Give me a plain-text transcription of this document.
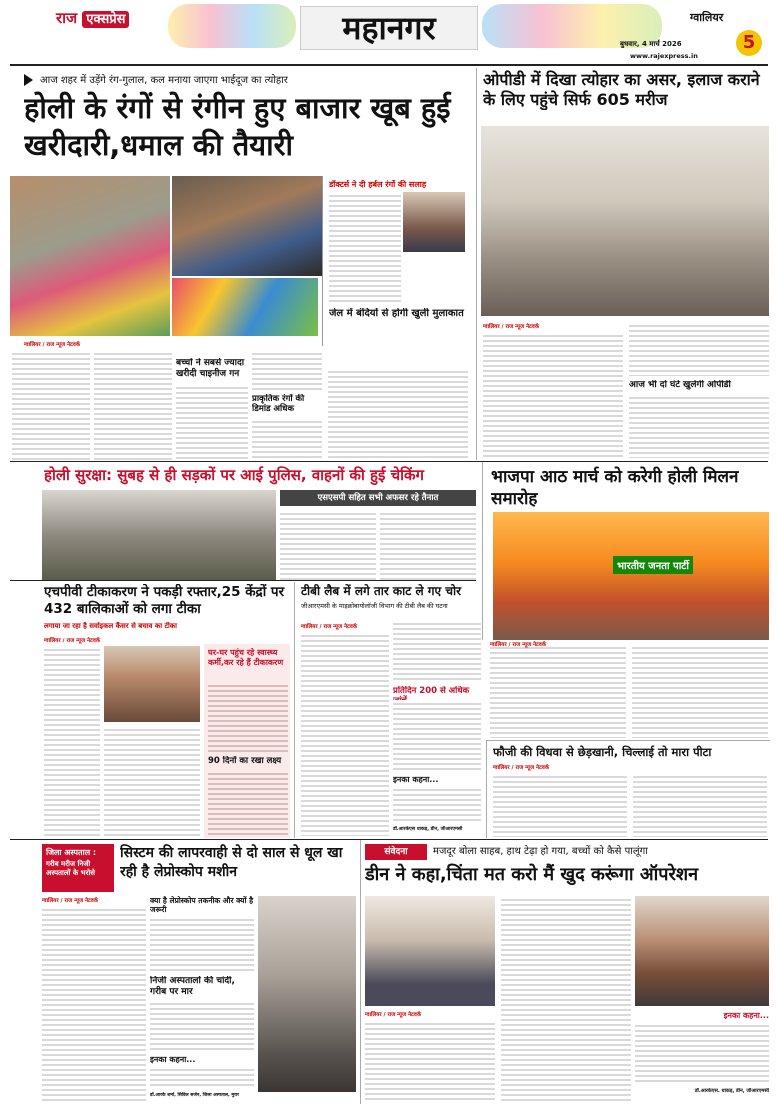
राज एक्सप्रेस	महानगर	ग्वालियर
बुधवार, 4 मार्च 2026	5
www.rajexpress.in
आज शहर में उड़ेंगे रंग-गुलाल, कल मनाया जाएगा भाईदूज का त्योहार
होली के रंगों से रंगीन हुए बाजार खूब हुई खरीदारी,धमाल की तैयारी
डॉक्टर्स ने दी हर्बल रंगों की सलाह
जेल में बंदियों से होगी खुली मुलाकात
ग्वालियर / राज न्यूज नेटवर्क
बच्चों ने सबसे ज्यादा खरीदी चाइनीज गन
प्राकृतिक रंगों की डिमांड अधिक
ओपीडी में दिखा त्योहार का असर, इलाज कराने के लिए पहुंचे सिर्फ 605 मरीज
ग्वालियर / राज न्यूज नेटवर्क
आज भी दो घंटे खुलेगी ओपीडी
होली सुरक्षा: सुबह से ही सड़कों पर आई पुलिस, वाहनों की हुई चेकिंग
एसएसपी सहित सभी अफसर रहे तैनात
भाजपा आठ मार्च को करेगी होली मिलन समारोह
भारतीय जनता पार्टी
एचपीवी टीकाकरण ने पकड़ी रफ्तार,25 केंद्रों पर 432 बालिकाओं को लगा टीका
लगाया जा रहा है सर्वाइकल कैंसर से बचाव का टीका
ग्वालियर / राज न्यूज नेटवर्क
घर-घर पहुंच रहे स्वास्थ्य कर्मी,कर रहे हैं टीकाकरण
90 दिनों का रखा लक्ष्य
टीबी लैब में लगे तार काट ले गए चोर
जीआरएमसी के माइक्रोबायोलॉजी विभाग की टीबी लैब की घटना
ग्वालियर / राज न्यूज नेटवर्क
प्रतिदिन 200 से अधिक
इनका कहना...
डॉ.आरकेएस धाकड़, डीन, जीआरएमसी
ग्वालियर / राज न्यूज नेटवर्क
फौजी की विधवा से छेड़खानी, चिल्लाई तो मारा पीटा
ग्वालियर / राज न्यूज नेटवर्क
जिला अस्पताल :
गरीब मरीज निजी अस्पतालों के भरोसे
सिस्टम की लापरवाही से दो साल से धूल खा रही है लेप्रोस्कोप मशीन
ग्वालियर / राज न्यूज नेटवर्क	क्या है लेप्रोस्कोप तकनीक और क्यों है जरूरी
निजी अस्पतालों की चांदी, गरीब पर मार
इनका कहना...
डॉ.आरके शर्मा, सिविल सर्जन, जिला अस्पताल, मुरार
संवेदना	मजदूर बोला साहब, हाथ टेढ़ा हो गया, बच्चों को कैसे पालूंगा
डीन ने कहा,चिंता मत करो मैं खुद करूंगा ऑपरेशन
ग्वालियर / राज न्यूज नेटवर्क	इनका कहना...
डॉ.आरकेएस. धाकड़, डीन, जीआरएमसी
